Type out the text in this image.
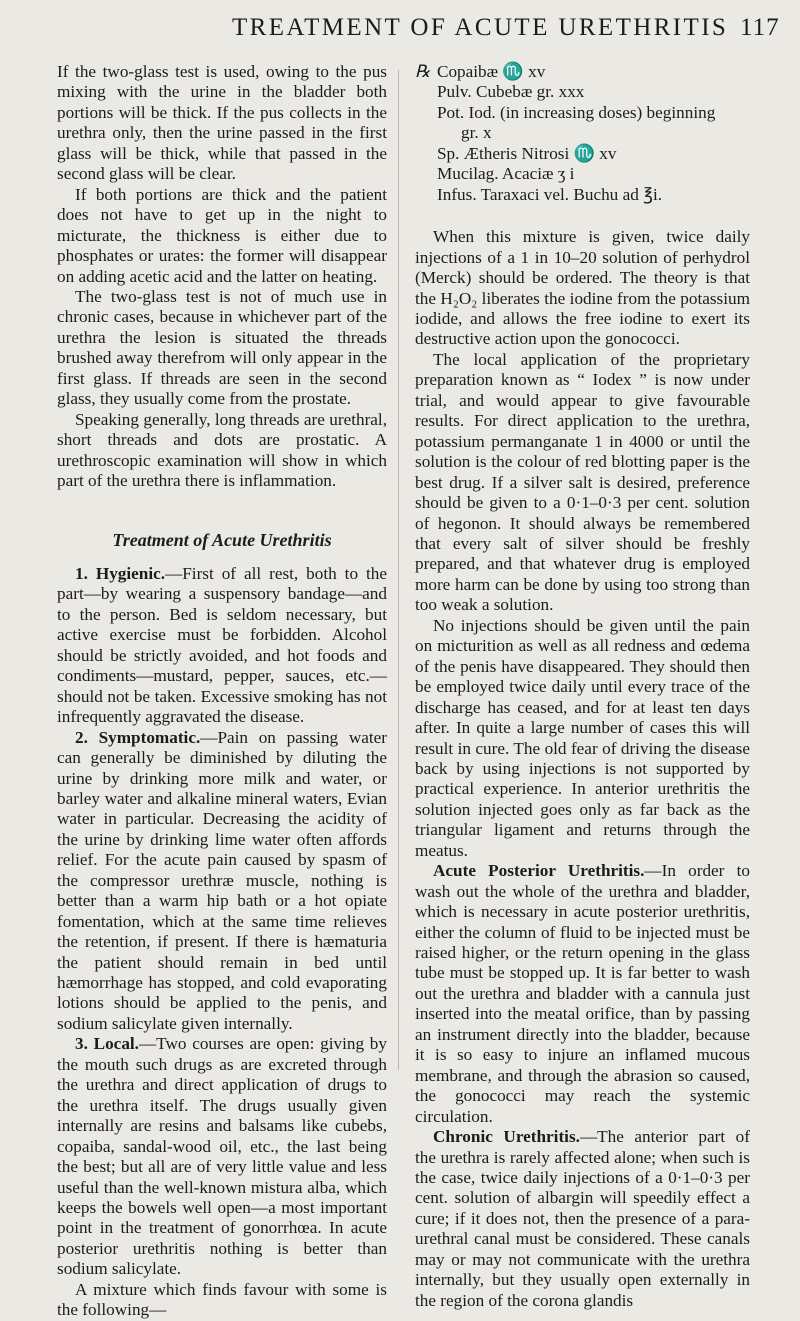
TREATMENT OF ACUTE URETHRITIS 117

If the two-glass test is used, owing to the pus mixing with the urine in the bladder both portions will be thick. If the pus collects in the urethra only, then the urine passed in the first glass will be thick, while that passed in the second glass will be clear.

If both portions are thick and the patient does not have to get up in the night to micturate, the thickness is either due to phosphates or urates: the former will disappear on adding acetic acid and the latter on heating.

The two-glass test is not of much use in chronic cases, because in whichever part of the urethra the lesion is situated the threads brushed away therefrom will only appear in the first glass. If threads are seen in the second glass, they usually come from the prostate.

Speaking generally, long threads are urethral, short threads and dots are prostatic. A urethroscopic examination will show in which part of the urethra there is inflammation.

Treatment of Acute Urethritis

1. Hygienic.—First of all rest, both to the part—by wearing a suspensory bandage—and to the person. Bed is seldom necessary, but active exercise must be forbidden. Alcohol should be strictly avoided, and hot foods and condiments—mustard, pepper, sauces, etc.—should not be taken. Excessive smoking has not infrequently aggravated the disease.

2. Symptomatic.—Pain on passing water can generally be diminished by diluting the urine by drinking more milk and water, or barley water and alkaline mineral waters, Evian water in particular. Decreasing the acidity of the urine by drinking lime water often affords relief. For the acute pain caused by spasm of the compressor urethræ muscle, nothing is better than a warm hip bath or a hot opiate fomentation, which at the same time relieves the retention, if present. If there is hæmaturia the patient should remain in bed until hæmorrhage has stopped, and cold evaporating lotions should be applied to the penis, and sodium salicylate given internally.

3. Local.—Two courses are open: giving by the mouth such drugs as are excreted through the urethra and direct application of drugs to the urethra itself. The drugs usually given internally are resins and balsams like cubebs, copaiba, sandal-wood oil, etc., the last being the best; but all are of very little value and less useful than the well-known mistura alba, which keeps the bowels well open—a most important point in the treatment of gonorrhœa. In acute posterior urethritis nothing is better than sodium salicylate.

A mixture which finds favour with some is the following—

℞ Copaibæ ♏ xv
Pulv. Cubebæ gr. xxx
Pot. Iod. (in increasing doses) beginning
gr. x
Sp. Ætheris Nitrosi ♏ xv
Mucilag. Acaciæ ʒ i
Infus. Taraxaci vel. Buchu ad ℥i.

When this mixture is given, twice daily injections of a 1 in 10–20 solution of perhydrol (Merck) should be ordered. The theory is that the H₂O₂ liberates the iodine from the potassium iodide, and allows the free iodine to exert its destructive action upon the gonococci.

The local application of the proprietary preparation known as “ Iodex ” is now under trial, and would appear to give favourable results. For direct application to the urethra, potassium permanganate 1 in 4000 or until the solution is the colour of red blotting paper is the best drug. If a silver salt is desired, preference should be given to a 0·1–0·3 per cent. solution of hegonon. It should always be remembered that every salt of silver should be freshly prepared, and that whatever drug is employed more harm can be done by using too strong than too weak a solution.

No injections should be given until the pain on micturition as well as all redness and œdema of the penis have disappeared. They should then be employed twice daily until every trace of the discharge has ceased, and for at least ten days after. In quite a large number of cases this will result in cure. The old fear of driving the disease back by using injections is not supported by practical experience. In anterior urethritis the solution injected goes only as far back as the triangular ligament and returns through the meatus.

Acute Posterior Urethritis.—In order to wash out the whole of the urethra and bladder, which is necessary in acute posterior urethritis, either the column of fluid to be injected must be raised higher, or the return opening in the glass tube must be stopped up. It is far better to wash out the urethra and bladder with a cannula just inserted into the meatal orifice, than by passing an instrument directly into the bladder, because it is so easy to injure an inflamed mucous membrane, and through the abrasion so caused, the gonococci may reach the systemic circulation.

Chronic Urethritis.—The anterior part of the urethra is rarely affected alone; when such is the case, twice daily injections of a 0·1–0·3 per cent. solution of albargin will speedily effect a cure; if it does not, then the presence of a para-urethral canal must be considered. These canals may or may not communicate with the urethra internally, but they usually open externally in the region of the corona glandis
